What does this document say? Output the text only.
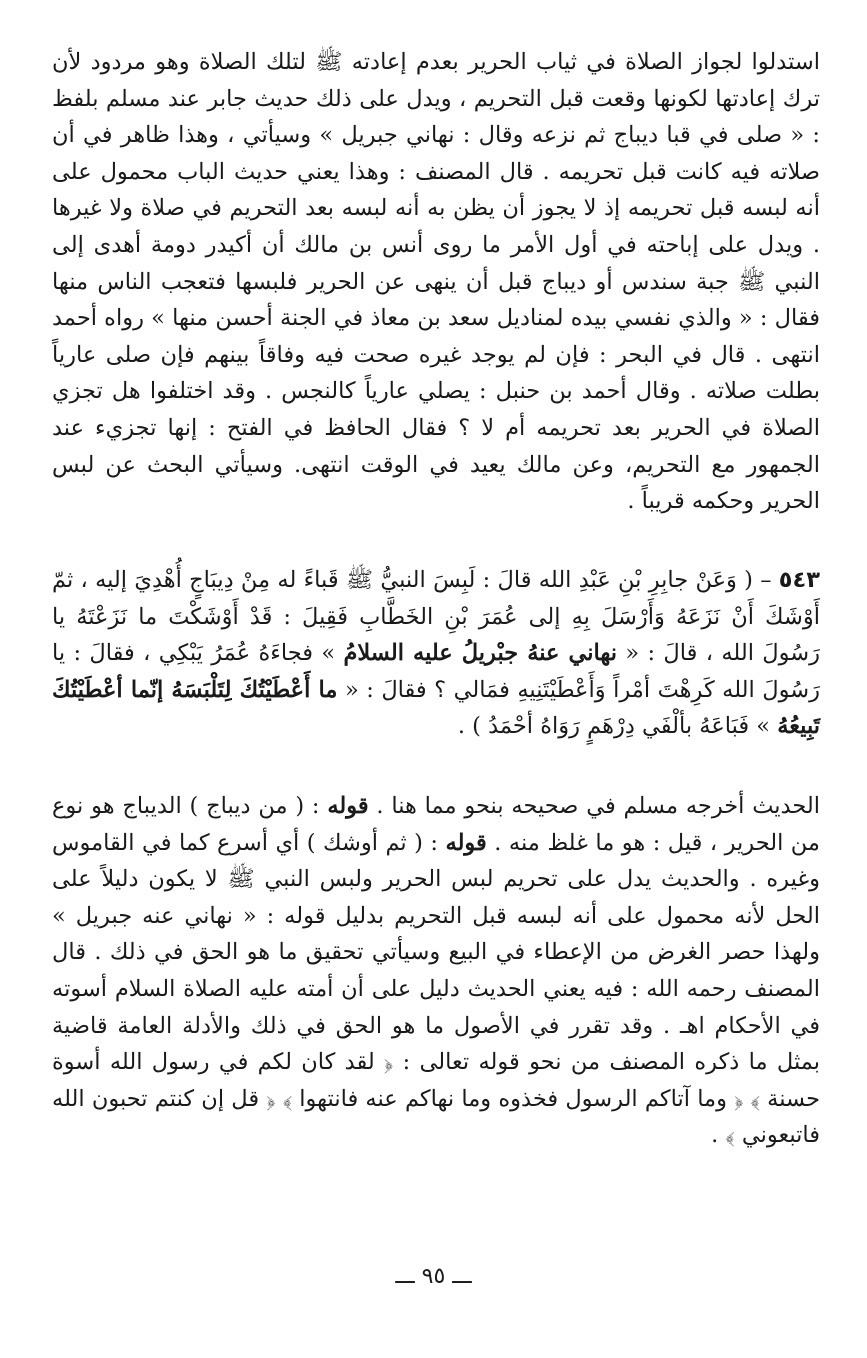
استدلوا لجواز الصلاة في ثياب الحرير بعدم إعادته ﷺ لتلك الصلاة وهو مردود لأن ترك إعادتها لكونها وقعت قبل التحريم ، ويدل على ذلك حديث جابر عند مسلم بلفظ : « صلى في قبا ديباج ثم نزعه وقال : نهاني جبريل » وسيأتي ، وهذا ظاهر في أن صلاته فيه كانت قبل تحريمه . قال المصنف : وهذا يعني حديث الباب محمول على أنه لبسه قبل تحريمه إذ لا يجوز أن يظن به أنه لبسه بعد التحريم في صلاة ولا غيرها . ويدل على إباحته في أول الأمر ما روى أنس بن مالك أن أكيدر دومة أهدى إلى النبي ﷺ جبة سندس أو ديباج قبل أن ينهى عن الحرير فلبسها فتعجب الناس منها فقال : « والذي نفسي بيده لمناديل سعد بن معاذ في الجنة أحسن منها » رواه أحمد انتهى . قال في البحر : فإن لم يوجد غيره صحت فيه وفاقاً بينهم فإن صلى عارياً بطلت صلاته . وقال أحمد بن حنبل : يصلي عارياً كالنجس . وقد اختلفوا هل تجزي الصلاة في الحرير بعد تحريمه أم لا ؟ فقال الحافظ في الفتح : إنها تجزيء عند الجمهور مع التحريم، وعن مالك يعيد في الوقت انتهى. وسيأتي البحث عن لبس الحرير وحكمه قريباً .

٥٤٣ – ( وَعَنْ جابِرِ بْنِ عَبْدِ الله قالَ : لَبِسَ النبيُّ ﷺ قَباءً له مِنْ دِيبَاجٍ أُهْدِيَ إليه ، ثمّ أَوْشَكَ أَنْ نَزَعَهُ وَأَرْسَلَ بِهِ إلى عُمَرَ بْنِ الخَطَّابِ فَقِيلَ : قَدْ أَوْشَكْتَ ما نَزَعْتَهُ يا رَسُولَ الله ، قالَ : « نهاني عنهُ جبْريلُ عليه السلامُ » فجاءَهُ عُمَرُ يَبْكِي ، فقالَ : يا رَسُولَ الله كَرِهْتَ أمْراً وَأَعْطَيْتَنِيهِ فمَالي ؟ فقالَ : « ما أَعْطَيْتُكَ لِتَلْبَسَهُ إنّما أعْطَيْتُكَ تَبِيعُهُ » فَبَاعَهُ بألْفَي دِرْهَمٍ رَوَاهُ أحْمَدُ ) .

الحديث أخرجه مسلم في صحيحه بنحو مما هنا . قوله : ( من ديباج ) الديباج هو نوع من الحرير ، قيل : هو ما غلظ منه . قوله : ( ثم أوشك ) أي أسرع كما في القاموس وغيره . والحديث يدل على تحريم لبس الحرير ولبس النبي ﷺ لا يكون دليلاً على الحل لأنه محمول على أنه لبسه قبل التحريم بدليل قوله : « نهاني عنه جبريل » ولهذا حصر الغرض من الإعطاء في البيع وسيأتي تحقيق ما هو الحق في ذلك . قال المصنف رحمه الله : فيه يعني الحديث دليل على أن أمته عليه الصلاة السلام أسوته في الأحكام اهـ . وقد تقرر في الأصول ما هو الحق في ذلك والأدلة العامة قاضية بمثل ما ذكره المصنف من نحو قوله تعالى : ﴿ لقد كان لكم في رسول الله أسوة حسنة ﴾ ﴿ وما آتاكم الرسول فخذوه وما نهاكم عنه فانتهوا ﴾ ﴿ قل إن كنتم تحبون الله فاتبعوني ﴾ .

ـــ ٩٥ ـــ
